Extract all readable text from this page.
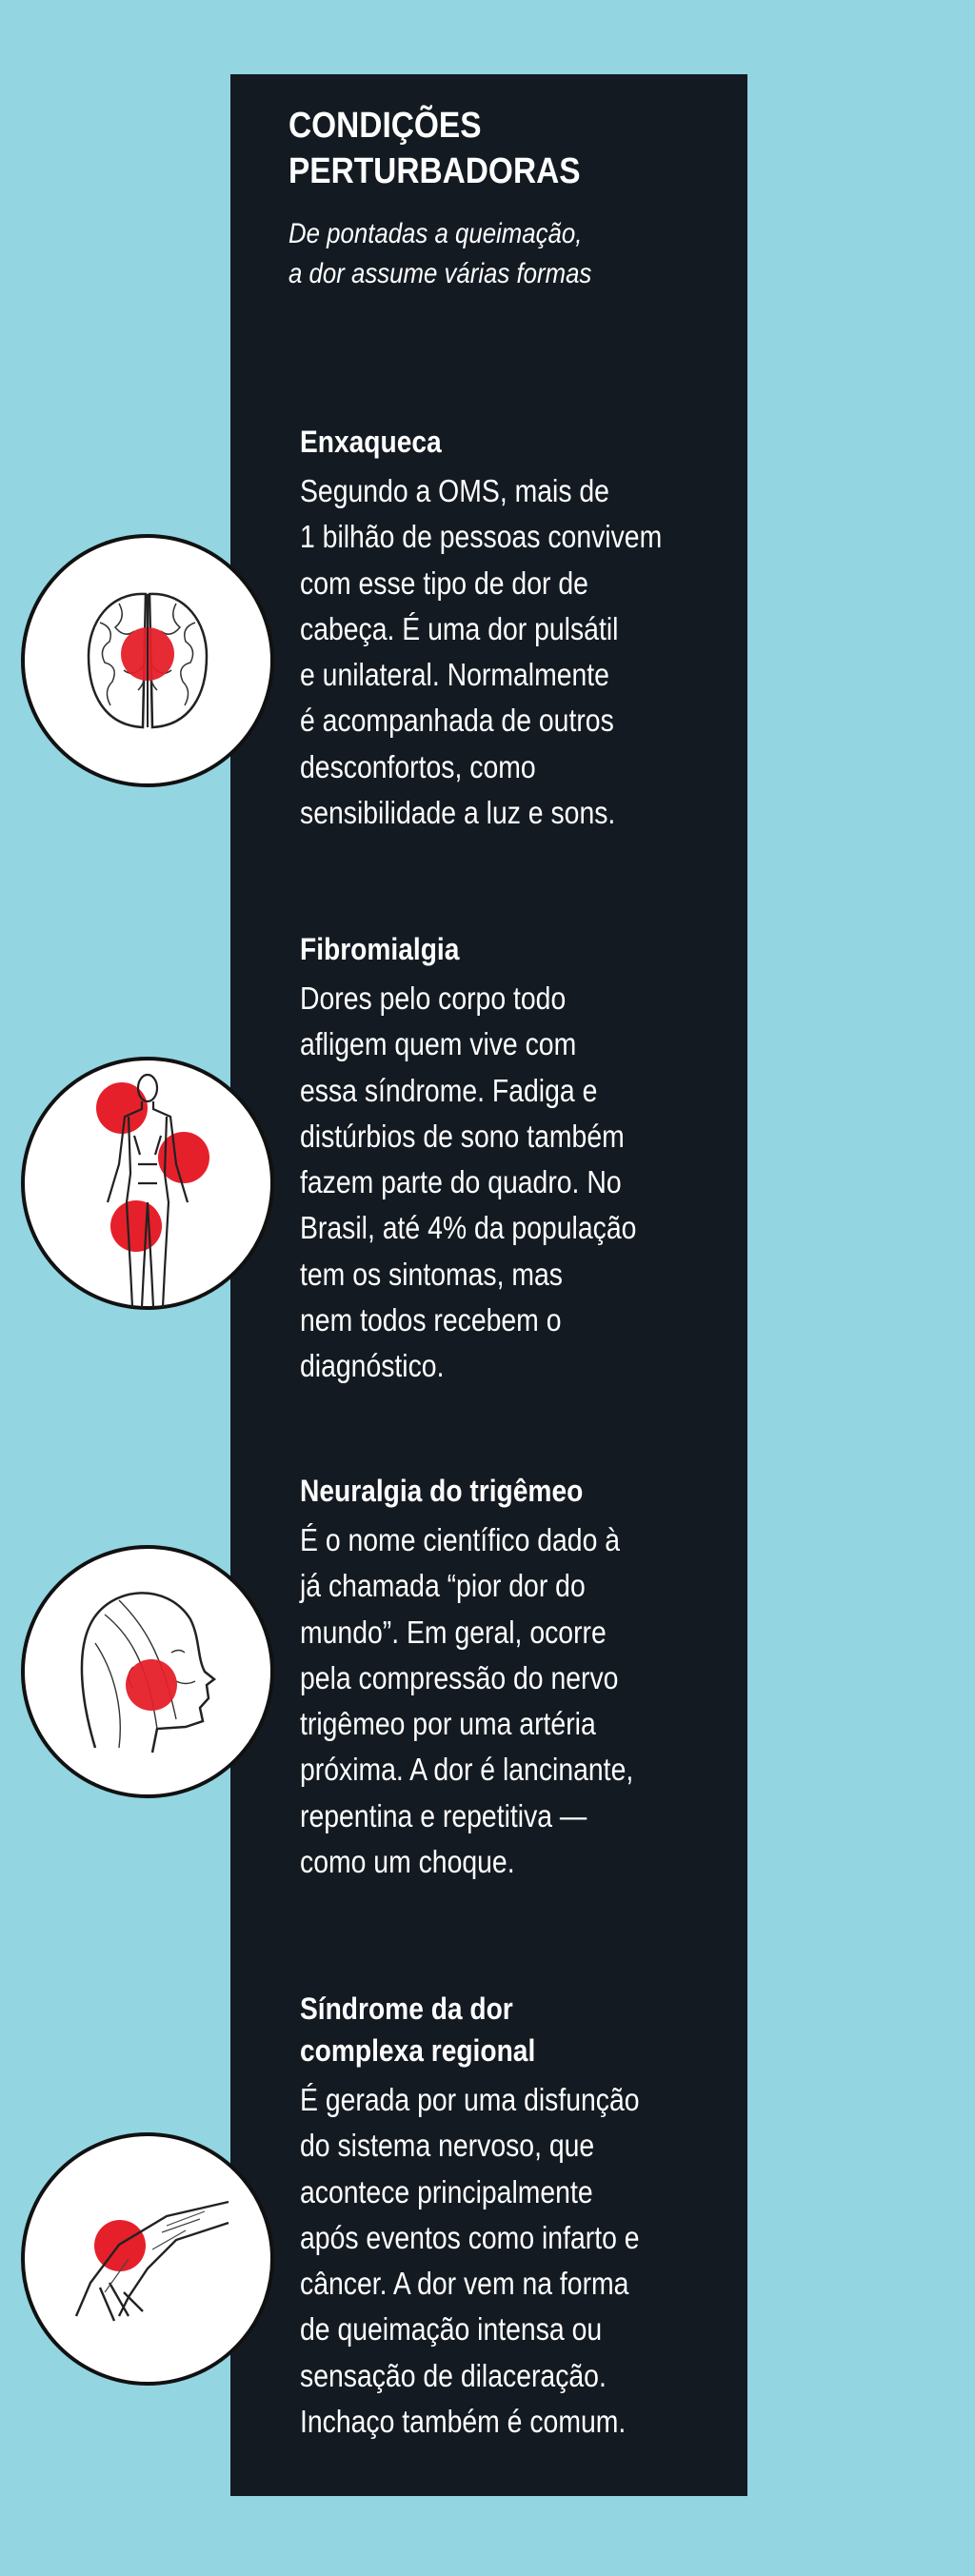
CONDIÇÕES
PERTURBADORAS
De pontadas a queimação,
a dor assume várias formas
Enxaqueca
Segundo a OMS, mais de
1 bilhão de pessoas convivem
com esse tipo de dor de
cabeça. É uma dor pulsátil
e unilateral. Normalmente
é acompanhada de outros
desconfortos, como
sensibilidade a luz e sons.
Fibromialgia
Dores pelo corpo todo
afligem quem vive com
essa síndrome. Fadiga e
distúrbios de sono também
fazem parte do quadro. No
Brasil, até 4% da população
tem os sintomas, mas
nem todos recebem o
diagnóstico.
Neuralgia do trigêmeo
É o nome científico dado à
já chamada “pior dor do
mundo”. Em geral, ocorre
pela compressão do nervo
trigêmeo por uma artéria
próxima. A dor é lancinante,
repentina e repetitiva —
como um choque.
Síndrome da dor
complexa regional
É gerada por uma disfunção
do sistema nervoso, que
acontece principalmente
após eventos como infarto e
câncer. A dor vem na forma
de queimação intensa ou
sensação de dilaceração.
Inchaço também é comum.
